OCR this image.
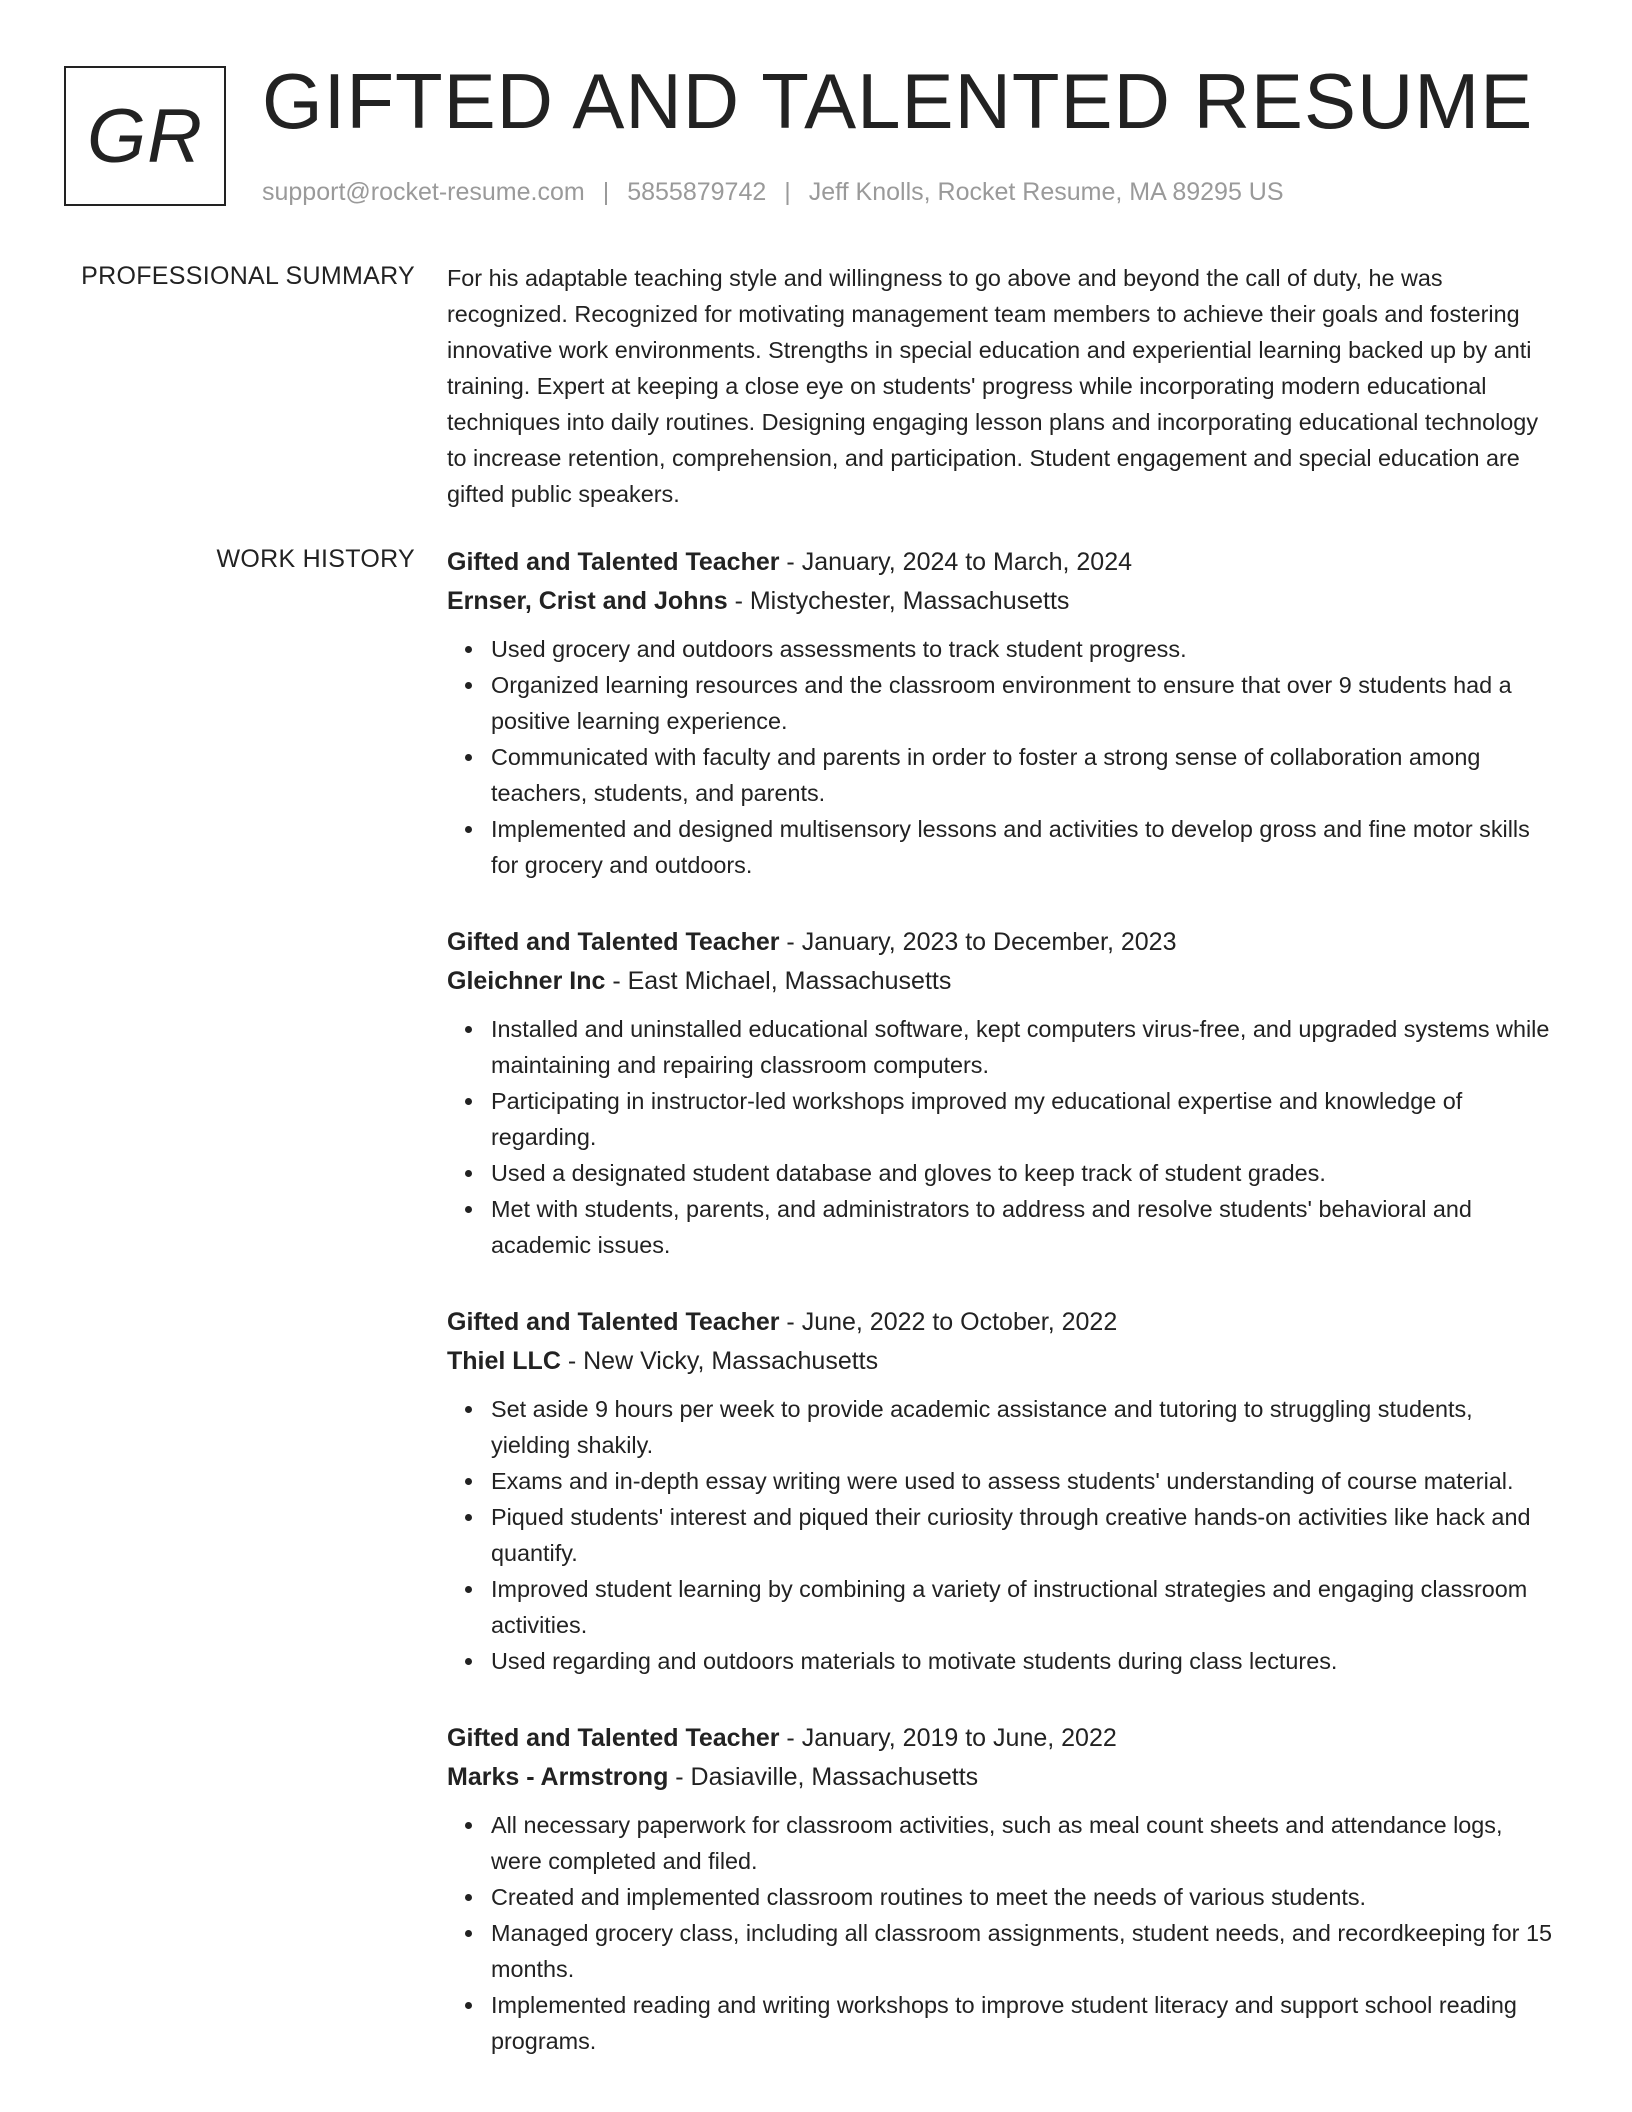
GR GIFTED AND TALENTED RESUME
support@rocket-resume.com | 5855879742 | Jeff Knolls, Rocket Resume, MA 89295 US
PROFESSIONAL SUMMARY For his adaptable teaching style and willingness to go above and beyond the call of duty, he was recognized. Recognized for motivating management team members to achieve their goals and fostering innovative work environments. Strengths in special education and experiential learning backed up by anti training. Expert at keeping a close eye on students' progress while incorporating modern educational techniques into daily routines. Designing engaging lesson plans and incorporating educational technology to increase retention, comprehension, and participation. Student engagement and special education are gifted public speakers.

WORK HISTORY Gifted and Talented Teacher - January, 2024 to March, 2024

Ernser, Crist and Johns - Mistychester, Massachusetts

Used grocery and outdoors assessments to track student progress.
Organized learning resources and the classroom environment to ensure that over 9 students had a positive learning experience.
Communicated with faculty and parents in order to foster a strong sense of collaboration among teachers, students, and parents.
Implemented and designed multisensory lessons and activities to develop gross and fine motor skills for grocery and outdoors.

Gifted and Talented Teacher - January, 2023 to December, 2023

Gleichner Inc - East Michael, Massachusetts

Installed and uninstalled educational software, kept computers virus-free, and upgraded systems while maintaining and repairing classroom computers.
Participating in instructor-led workshops improved my educational expertise and knowledge of regarding.
Used a designated student database and gloves to keep track of student grades.
Met with students, parents, and administrators to address and resolve students' behavioral and academic issues.

Gifted and Talented Teacher - June, 2022 to October, 2022

Thiel LLC - New Vicky, Massachusetts

Set aside 9 hours per week to provide academic assistance and tutoring to struggling students, yielding shakily.
Exams and in-depth essay writing were used to assess students' understanding of course material.
Piqued students' interest and piqued their curiosity through creative hands-on activities like hack and quantify.
Improved student learning by combining a variety of instructional strategies and engaging classroom activities.
Used regarding and outdoors materials to motivate students during class lectures.

Gifted and Talented Teacher - January, 2019 to June, 2022

Marks - Armstrong - Dasiaville, Massachusetts

All necessary paperwork for classroom activities, such as meal count sheets and attendance logs, were completed and filed.
Created and implemented classroom routines to meet the needs of various students.
Managed grocery class, including all classroom assignments, student needs, and recordkeeping for 15 months.
Implemented reading and writing workshops to improve student literacy and support school reading programs.
